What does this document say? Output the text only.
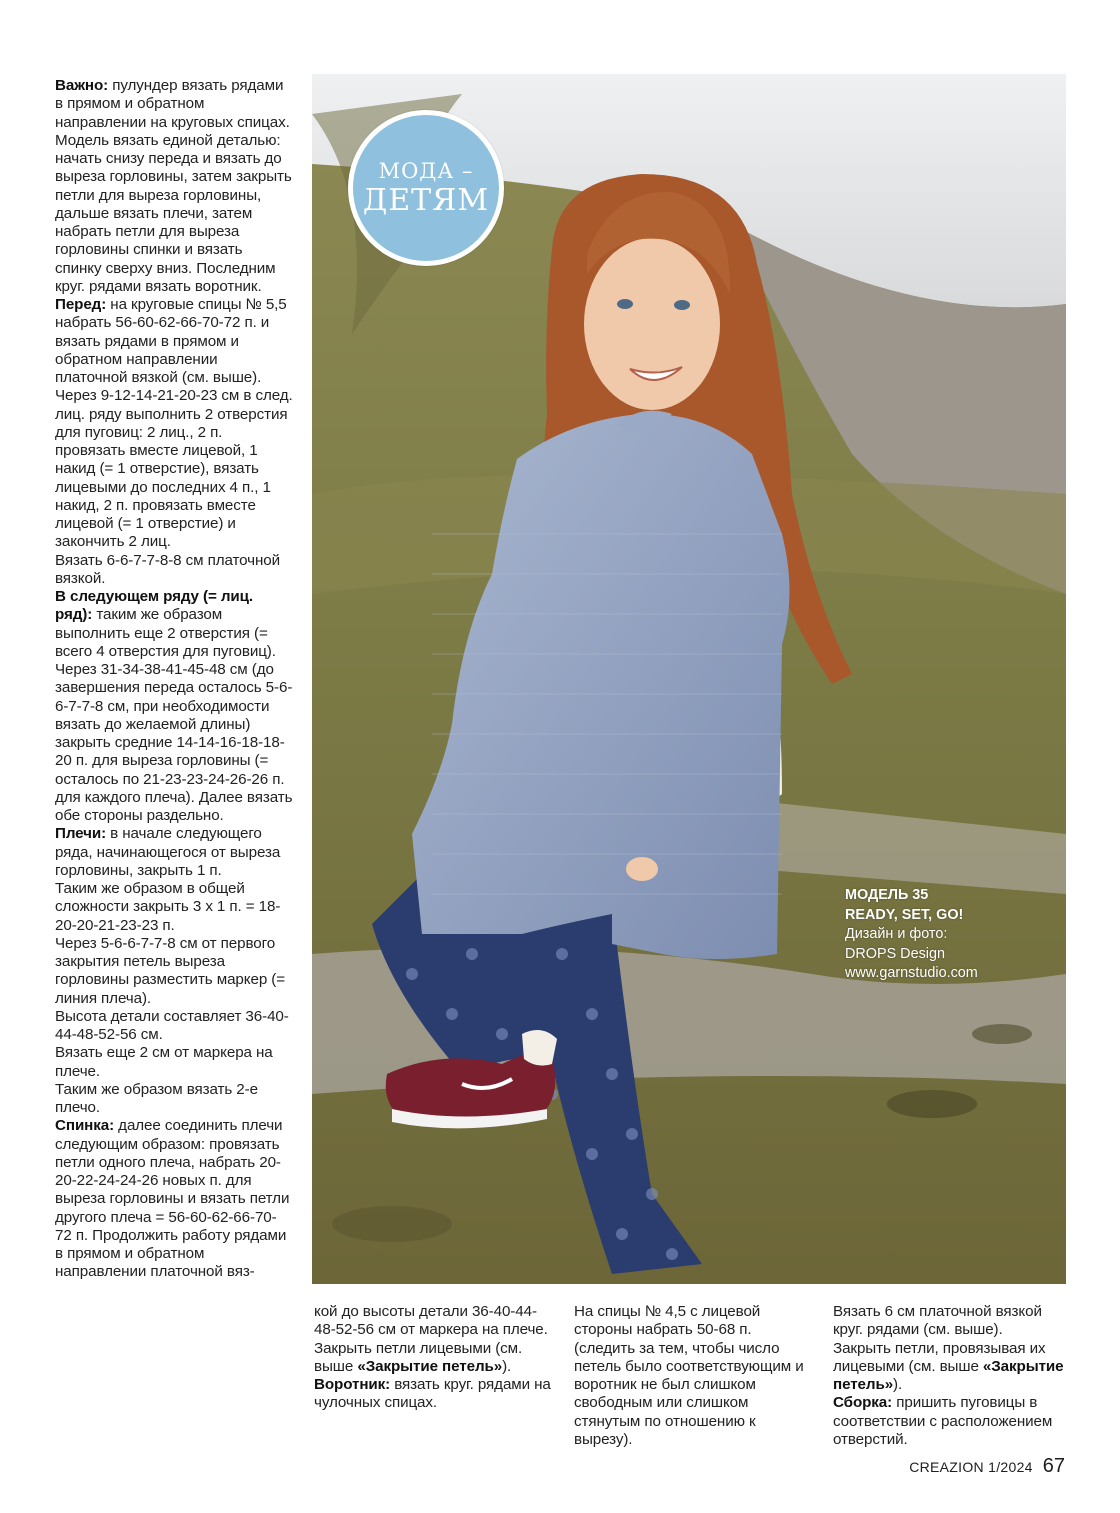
Важно: пулундер вязать рядами в прямом и обратном направлении на круговых спицах. Модель вязать единой деталью: начать снизу переда и вязать до выреза горловины, затем закрыть петли для выреза горловины, дальше вязать плечи, затем набрать петли для выреза горловины спинки и вязать спинку сверху вниз. Последним круг. рядами вязать воротник.

Перед: на круговые спицы № 5,5 набрать 56-60-62-66-70-72 п. и вязать рядами в прямом и обратном направлении платочной вязкой (см. выше).

Через 9-12-14-21-20-23 см в след. лиц. ряду выполнить 2 отверстия для пуговиц: 2 лиц., 2 п. провязать вместе лицевой, 1 накид (= 1 отверстие), вязать лицевыми до последних 4 п., 1 накид, 2 п. провязать вместе лицевой (= 1 отверстие) и закончить 2 лиц.

Вязать 6-6-7-7-8-8 см платочной вязкой.

В следующем ряду (= лиц. ряд): таким же образом выполнить еще 2 отверстия (= всего 4 отверстия для пуговиц).

Через 31-34-38-41-45-48 см (до завершения переда осталось 5-6-6-7-7-8 см, при необходимости вязать до желаемой длины) закрыть средние 14-14-16-18-18-20 п. для выреза горловины (= осталось по 21-23-23-24-26-26 п. для каждого плеча). Далее вязать обе стороны раздельно.

Плечи: в начале следующего ряда, начинающегося от выреза горловины, закрыть 1 п.

Таким же образом в общей сложности закрыть 3 x 1 п. = 18-20-20-21-23-23 п.

Через 5-6-6-7-7-8 см от первого закрытия петель выреза горловины разместить маркер (= линия плеча).

Высота детали составляет 36-40-44-48-52-56 см.

Вязать еще 2 см от маркера на плече.

Таким же образом вязать 2-е плечо.

Спинка: далее соединить плечи следующим образом: провязать петли одного плеча, набрать 20-20-22-24-24-26 новых п. для выреза горловины и вязать петли другого плеча = 56-60-62-66-70-72 п. Продолжить работу рядами в прямом и обратном направлении платочной вяз-

МОДА –
ДЕТЯМ
МОДЕЛЬ 35
READY, SET, GO!
Дизайн и фото:
DROPS Design
www.garnstudio.com

кой до высоты детали 36-40-44-48-52-56 см от маркера на плече.

Закрыть петли лицевыми (см. выше «Закрытие петель»).

Воротник: вязать круг. рядами на чулочных спицах.

На спицы № 4,5 с лицевой стороны набрать 50-68 п. (следить за тем, чтобы число петель было соответствующим и воротник не был слишком свободным или слишком стянутым по отношению к вырезу).

Вязать 6 см платочной вязкой круг. рядами (см. выше).

Закрыть петли, провязывая их лицевыми (см. выше «Закрытие петель»).

Сборка: пришить пуговицы в соответствии с расположением отверстий.

CREAZION 1/2024 67
